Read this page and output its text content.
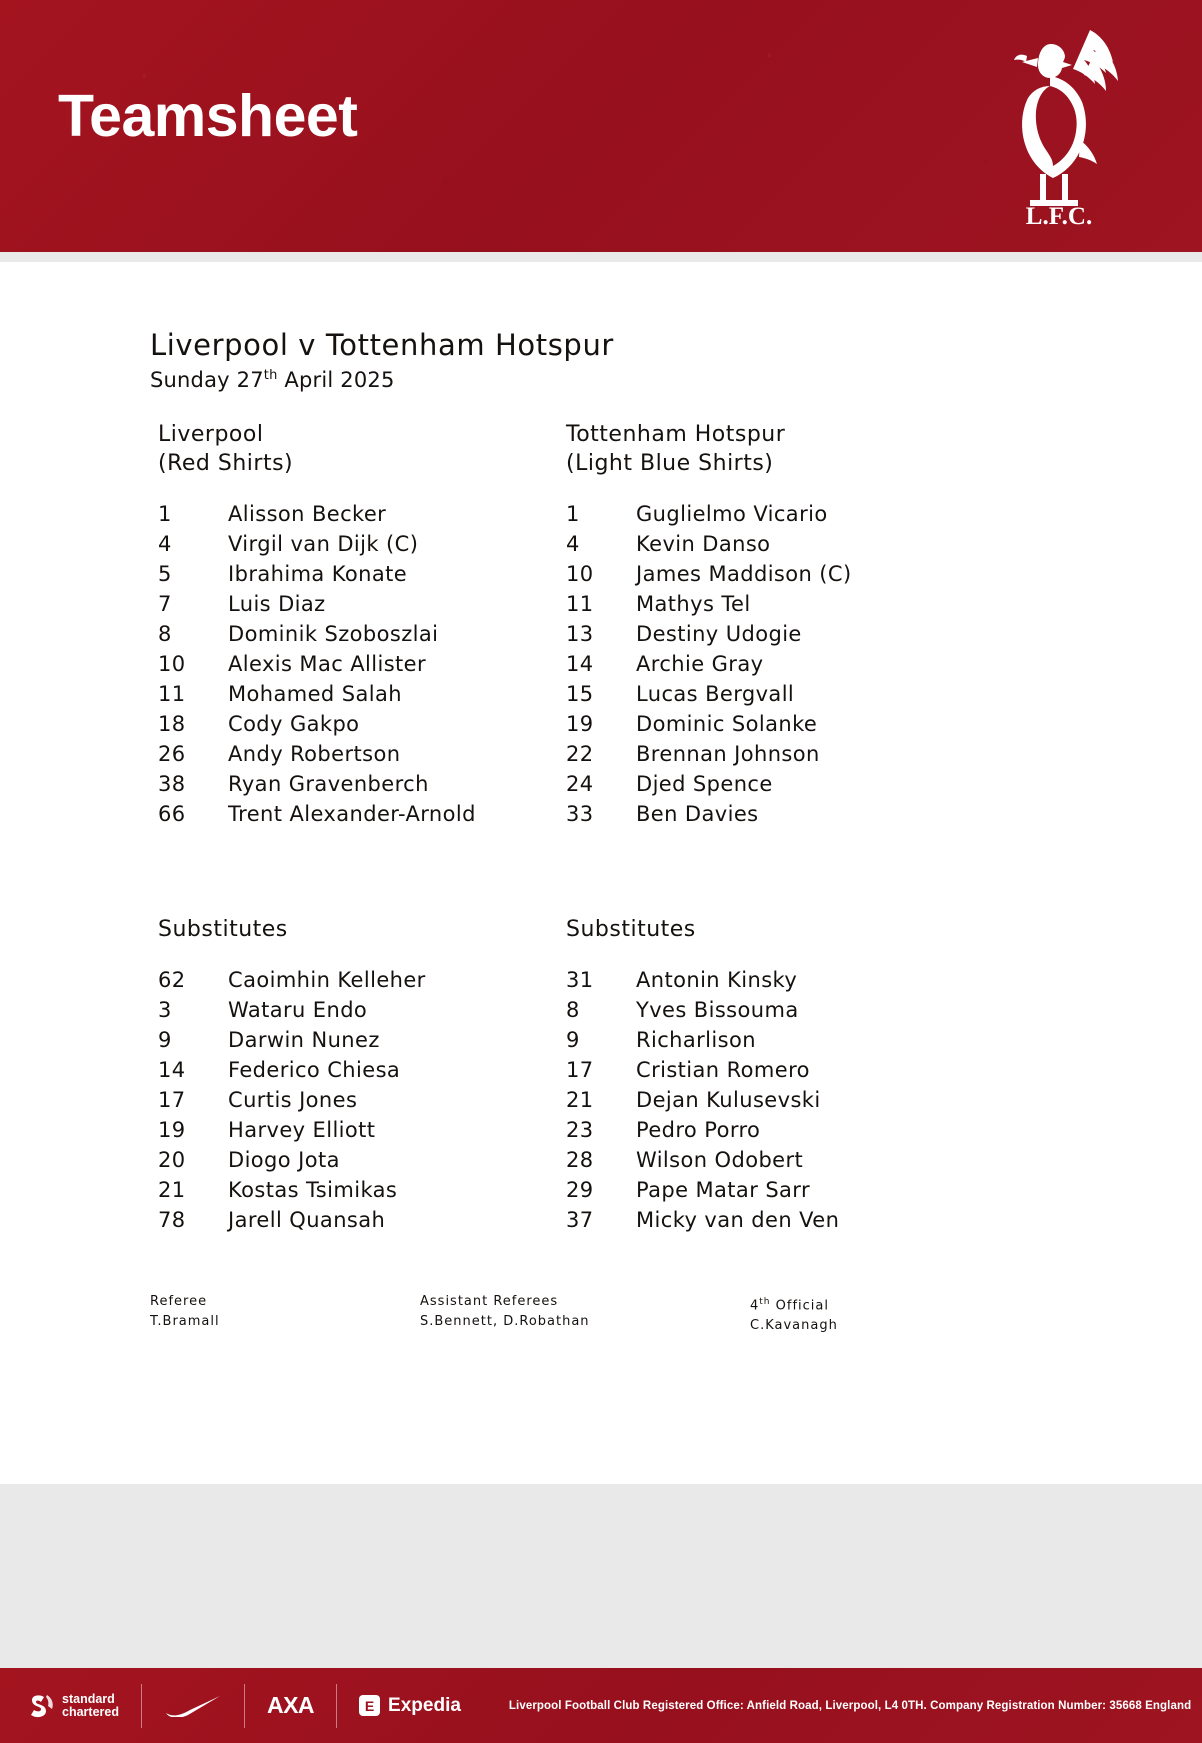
Teamsheet
L.F.C.
Liverpool v Tottenham Hotspur
Sunday 27th April 2025
Liverpool
(Red Shirts)
1	Alisson Becker
4	Virgil van Dijk (C)
5	Ibrahima Konate
7	Luis Diaz
8	Dominik Szoboszlai
10	Alexis Mac Allister
11	Mohamed Salah
18	Cody Gakpo
26	Andy Robertson
38	Ryan Gravenberch
66	Trent Alexander-Arnold
Tottenham Hotspur
(Light Blue Shirts)
1	Guglielmo Vicario
4	Kevin Danso
10	James Maddison (C)
11	Mathys Tel
13	Destiny Udogie
14	Archie Gray
15	Lucas Bergvall
19	Dominic Solanke
22	Brennan Johnson
24	Djed Spence
33	Ben Davies
Substitutes
62	Caoimhin Kelleher
3	Wataru Endo
9	Darwin Nunez
14	Federico Chiesa
17	Curtis Jones
19	Harvey Elliott
20	Diogo Jota
21	Kostas Tsimikas
78	Jarell Quansah
Substitutes
31	Antonin Kinsky
8	Yves Bissouma
9	Richarlison
17	Cristian Romero
21	Dejan Kulusevski
23	Pedro Porro
28	Wilson Odobert
29	Pape Matar Sarr
37	Micky van den Ven
Referee
T.Bramall
Assistant Referees
S.Bennett, D.Robathan
4th Official
C.Kavanagh
standard
chartered	AXA	E Expedia	Liverpool Football Club Registered Office: Anfield Road, Liverpool, L4 0TH. Company Registration Number: 35668 England
